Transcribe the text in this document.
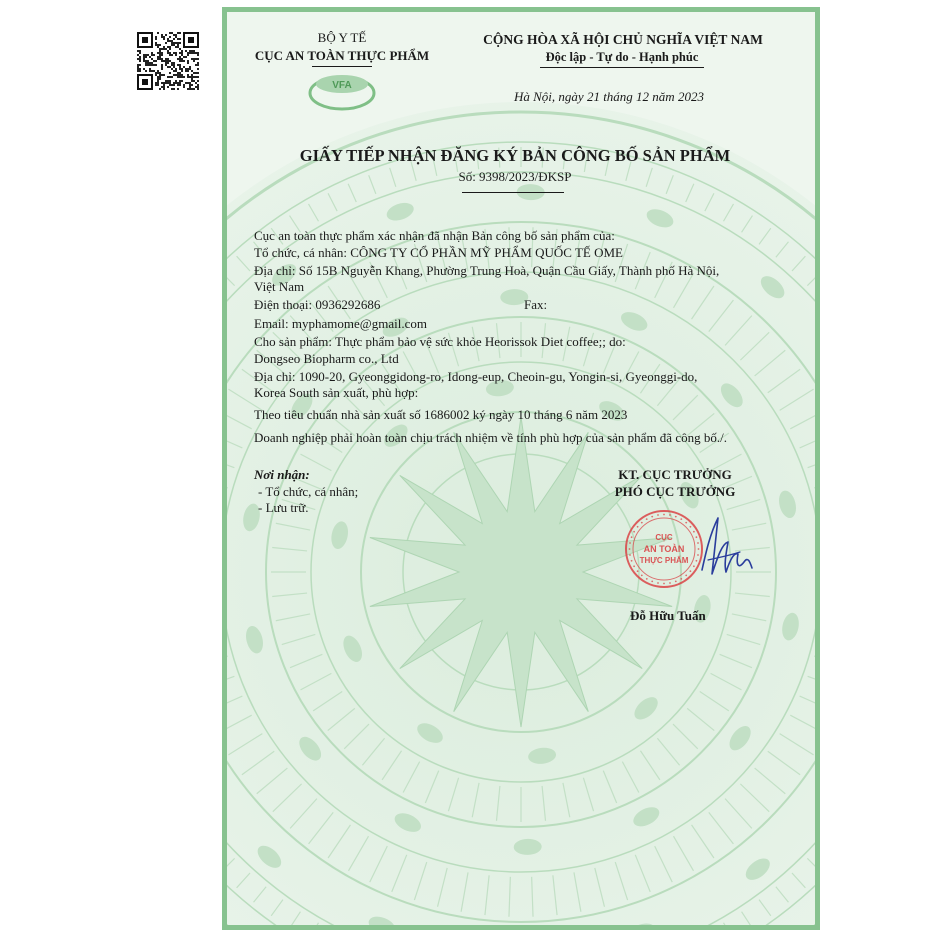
VFA
BỘ Y TẾ
CỤC AN TOÀN THỰC PHẨM
CỘNG HÒA XÃ HỘI CHỦ NGHĨA VIỆT NAM
Độc lập - Tự do - Hạnh phúc
Hà Nội, ngày 21 tháng 12 năm 2023
GIẤY TIẾP NHẬN ĐĂNG KÝ BẢN CÔNG BỐ SẢN PHẨM
Số: 9398/2023/ĐKSP
Cục an toàn thực phẩm xác nhận đã nhận Bản công bố sản phẩm của:
Tổ chức, cá nhân: CÔNG TY CỔ PHẦN MỸ PHẨM QUỐC TẾ OME
Địa chỉ: Số 15B Nguyễn Khang, Phường Trung Hoà, Quận Cầu Giấy, Thành phố Hà Nội,
Việt Nam
Điện thoại: 0936292686	Fax:
Email: myphamome@gmail.com
Cho sản phẩm: Thực phẩm bảo vệ sức khỏe Heorissok Diet coffee;; do:
Dongseo Biopharm co., Ltd
Địa chỉ: 1090-20, Gyeonggidong-ro, Idong-eup, Cheoin-gu, Yongin-si, Gyeonggi-do,
Korea South sản xuất, phù hợp:
Theo tiêu chuẩn nhà sản xuất số 1686002 ký ngày 10 tháng 6 năm 2023
Doanh nghiệp phải hoàn toàn chịu trách nhiệm về tính phù hợp của sản phẩm đã công bố./.
Nơi nhận:
- Tổ chức, cá nhân;
- Lưu trữ.
KT. CỤC TRƯỞNG
PHÓ CỤC TRƯỞNG
CỤC
AN TOÀN
THỰC PHẨM
Đỗ Hữu Tuấn
